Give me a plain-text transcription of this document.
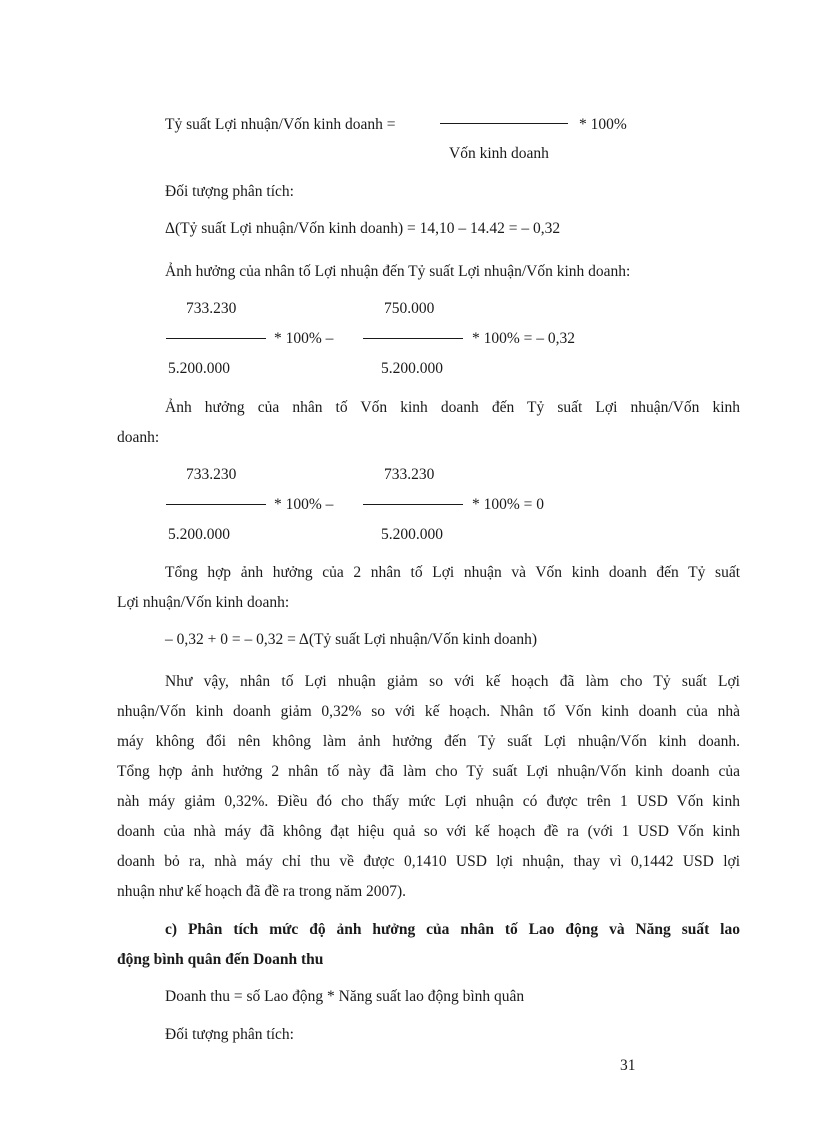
Tỷ suất Lợi nhuận/Vốn kinh doanh =	* 100%
Vốn kinh doanh
Đối tượng phân tích:
Δ(Tỷ suất Lợi nhuận/Vốn kinh doanh) = 14,10 – 14.42 = – 0,32
Ảnh hưởng của nhân tố Lợi nhuận đến Tỷ suất Lợi nhuận/Vốn kinh doanh:
733.230	750.000
* 100% –	* 100% = – 0,32
5.200.000	5.200.000
Ảnh hưởng của nhân tố Vốn kinh doanh đến Tỷ suất Lợi nhuận/Vốn kinh
doanh:
733.230	733.230
* 100% –	* 100% = 0
5.200.000	5.200.000
Tổng hợp ảnh hưởng của 2 nhân tố Lợi nhuận và Vốn kinh doanh đến Tỷ suất
Lợi nhuận/Vốn kinh doanh:
– 0,32 + 0 = – 0,32 = Δ(Tỷ suất Lợi nhuận/Vốn kinh doanh)
Như vậy, nhân tố Lợi nhuận giảm so với kế hoạch đã làm cho Tỷ suất Lợi
nhuận/Vốn kinh doanh giảm 0,32% so với kế hoạch. Nhân tố Vốn kinh doanh của nhà
máy không đổi nên không làm ảnh hưởng đến Tỷ suất Lợi nhuận/Vốn kinh doanh.
Tổng hợp ảnh hưởng 2 nhân tố này đã làm cho Tỷ suất Lợi nhuận/Vốn kinh doanh của
nàh máy giảm 0,32%. Điều đó cho thấy mức Lợi nhuận có được trên 1 USD Vốn kinh
doanh của nhà máy đã không đạt hiệu quả so với kế hoạch đề ra (với 1 USD Vốn kinh
doanh bỏ ra, nhà máy chỉ thu về được 0,1410 USD lợi nhuận, thay vì 0,1442 USD lợi
nhuận như kế hoạch đã đề ra trong năm 2007).
c) Phân tích mức độ ảnh hưởng của nhân tố Lao động và Năng suất lao
động bình quân đến Doanh thu
Doanh thu = số Lao động * Năng suất lao động bình quân
Đối tượng phân tích:
31
